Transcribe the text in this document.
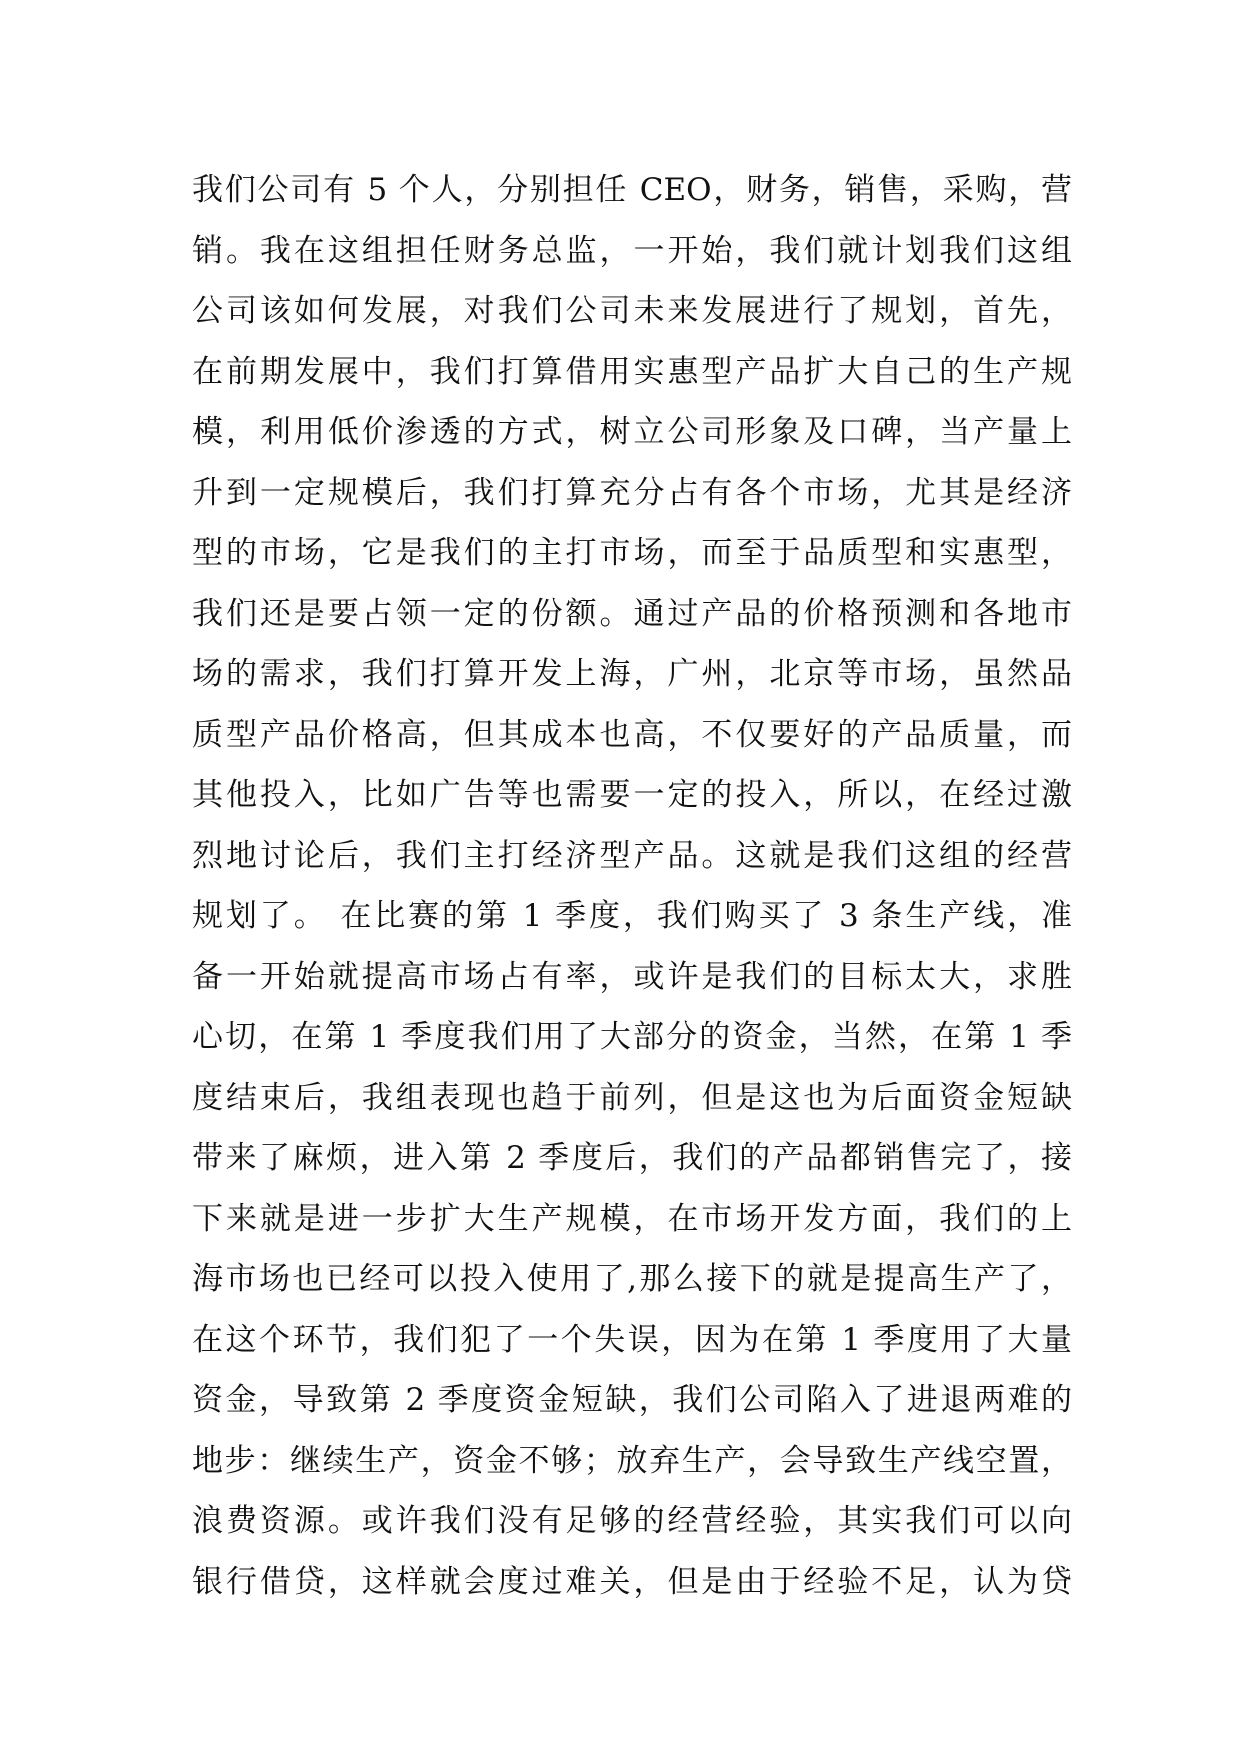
我们公司有 5 个人，分别担任 CEO，财务，销售，采购，营
销。我在这组担任财务总监，一开始，我们就计划我们这组
公司该如何发展，对我们公司未来发展进行了规划，首先，
在前期发展中，我们打算借用实惠型产品扩大自己的生产规
模，利用低价渗透的方式，树立公司形象及口碑，当产量上
升到一定规模后，我们打算充分占有各个市场，尤其是经济
型的市场，它是我们的主打市场，而至于品质型和实惠型，
我们还是要占领一定的份额。通过产品的价格预测和各地市
场的需求，我们打算开发上海，广州，北京等市场，虽然品
质型产品价格高，但其成本也高，不仅要好的产品质量，而
其他投入，比如广告等也需要一定的投入，所以，在经过激
烈地讨论后，我们主打经济型产品。这就是我们这组的经营
规划了。 在比赛的第 1 季度，我们购买了 3 条生产线，准
备一开始就提高市场占有率，或许是我们的目标太大，求胜
心切，在第 1 季度我们用了大部分的资金，当然，在第 1 季
度结束后，我组表现也趋于前列，但是这也为后面资金短缺
带来了麻烦，进入第 2 季度后，我们的产品都销售完了，接
下来就是进一步扩大生产规模，在市场开发方面，我们的上
海市场也已经可以投入使用了,那么接下的就是提高生产了，
在这个环节，我们犯了一个失误，因为在第 1 季度用了大量
资金，导致第 2 季度资金短缺，我们公司陷入了进退两难的
地步：继续生产，资金不够；放弃生产，会导致生产线空置，
浪费资源。或许我们没有足够的经营经验，其实我们可以向
银行借贷，这样就会度过难关，但是由于经验不足，认为贷
